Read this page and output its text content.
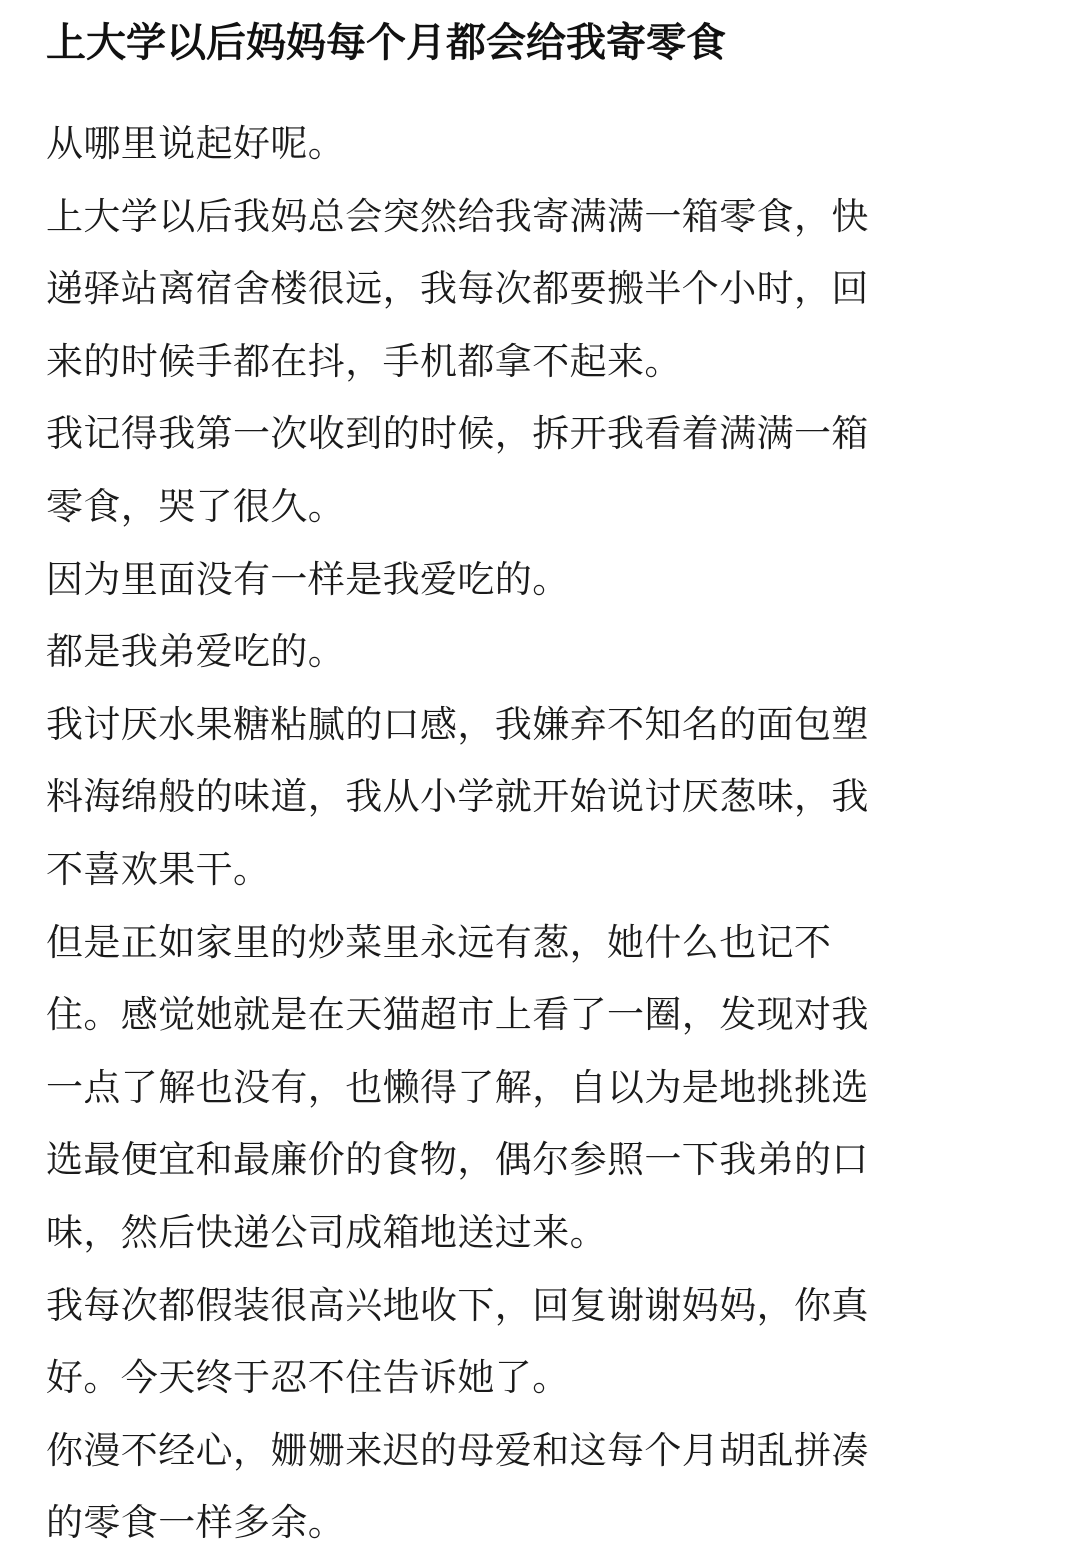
上大学以后妈妈每个月都会给我寄零食
从哪里说起好呢。
上大学以后我妈总会突然给我寄满满一箱零食，快
递驿站离宿舍楼很远，我每次都要搬半个小时，回
来的时候手都在抖，手机都拿不起来。
我记得我第一次收到的时候，拆开我看着满满一箱
零食，哭了很久。
因为里面没有一样是我爱吃的。
都是我弟爱吃的。
我讨厌水果糖粘腻的口感，我嫌弃不知名的面包塑
料海绵般的味道，我从小学就开始说讨厌葱味，我
不喜欢果干。
但是正如家里的炒菜里永远有葱，她什么也记不
住。感觉她就是在天猫超市上看了一圈，发现对我
一点了解也没有，也懒得了解，自以为是地挑挑选
选最便宜和最廉价的食物，偶尔参照一下我弟的口
味，然后快递公司成箱地送过来。
我每次都假装很高兴地收下，回复谢谢妈妈，你真
好。今天终于忍不住告诉她了。
你漫不经心，姗姗来迟的母爱和这每个月胡乱拼凑
的零食一样多余。
